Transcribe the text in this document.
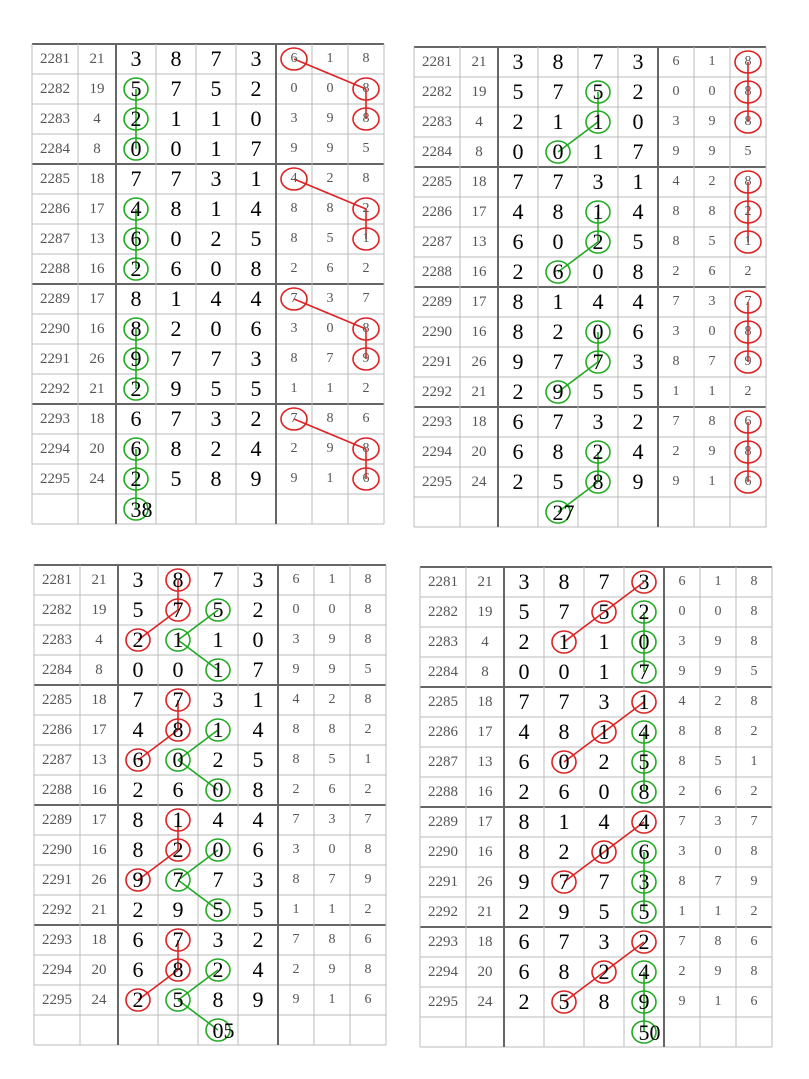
2281	21	3	8	7	3	6	1	8
2282	19	5	7	5	2	0	0	8
2283	4	2	1	1	0	3	9	8
2284	8	0	0	1	7	9	9	5
2285	18	7	7	3	1	4	2	8
2286	17	4	8	1	4	8	8	2
2287	13	6	0	2	5	8	5	1
2288	16	2	6	0	8	2	6	2
2289	17	8	1	4	4	7	3	7
2290	16	8	2	0	6	3	0	8
2291	26	9	7	7	3	8	7	9
2292	21	2	9	5	5	1	1	2
2293	18	6	7	3	2	7	8	6
2294	20	6	8	2	4	2	9	8
2295	24	2	5	8	9	9	1	6
3 8
2281	21	3	8	7	3	6	1	8
2282	19	5	7	5	2	0	0	8
2283	4	2	1	1	0	3	9	8
2284	8	0	0	1	7	9	9	5
2285	18	7	7	3	1	4	2	8
2286	17	4	8	1	4	8	8	2
2287	13	6	0	2	5	8	5	1
2288	16	2	6	0	8	2	6	2
2289	17	8	1	4	4	7	3	7
2290	16	8	2	0	6	3	0	8
2291	26	9	7	7	3	8	7	9
2292	21	2	9	5	5	1	1	2
2293	18	6	7	3	2	7	8	6
2294	20	6	8	2	4	2	9	8
2295	24	2	5	8	9	9	1	6
2 7
2281	21	3	8	7	3	6	1	8
2282	19	5	7	5	2	0	0	8
2283	4	2	1	1	0	3	9	8
2284	8	0	0	1	7	9	9	5
2285	18	7	7	3	1	4	2	8
2286	17	4	8	1	4	8	8	2
2287	13	6	0	2	5	8	5	1
2288	16	2	6	0	8	2	6	2
2289	17	8	1	4	4	7	3	7
2290	16	8	2	0	6	3	0	8
2291	26	9	7	7	3	8	7	9
2292	21	2	9	5	5	1	1	2
2293	18	6	7	3	2	7	8	6
2294	20	6	8	2	4	2	9	8
2295	24	2	5	8	9	9	1	6
0 5
2281	21	3	8	7	3	6	1	8
2282	19	5	7	5	2	0	0	8
2283	4	2	1	1	0	3	9	8
2284	8	0	0	1	7	9	9	5
2285	18	7	7	3	1	4	2	8
2286	17	4	8	1	4	8	8	2
2287	13	6	0	2	5	8	5	1
2288	16	2	6	0	8	2	6	2
2289	17	8	1	4	4	7	3	7
2290	16	8	2	0	6	3	0	8
2291	26	9	7	7	3	8	7	9
2292	21	2	9	5	5	1	1	2
2293	18	6	7	3	2	7	8	6
2294	20	6	8	2	4	2	9	8
2295	24	2	5	8	9	9	1	6
5 0
